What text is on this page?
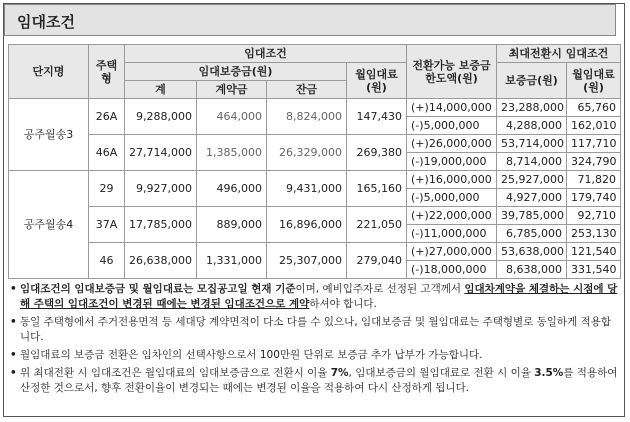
임대조건
단지명	주택형	임대조건				전환가능 보증금 한도액(원)	최대전환시 임대조건	
		임대보증금(원)			월임대료(원)		보증금(원)	월임대료(원)
		계	계약금	잔금				
공주월송3	26A	9,288,000	464,000	8,824,000	147,430	(+)14,000,000	23,288,000	65,760
						(-)5,000,000	4,288,000	162,010
	46A	27,714,000	1,385,000	26,329,000	269,380	(+)26,000,000	53,714,000	117,710
						(-)19,000,000	8,714,000	324,790
공주월송4	29	9,927,000	496,000	9,431,000	165,160	(+)16,000,000	25,927,000	71,820
						(-)5,000,000	4,927,000	179,740
	37A	17,785,000	889,000	16,896,000	221,050	(+)22,000,000	39,785,000	92,710
						(-)11,000,000	6,785,000	253,130
	46	26,638,000	1,331,000	25,307,000	279,040	(+)27,000,000	53,638,000	121,540
						(-)18,000,000	8,638,000	331,540
• 임대조건의 임대보증금 및 월임대료는 모집공고일 현재 기준이며, 예비입주자로 선정된 고객께서 임대차계약을 체결하는 시점에 당해 주택의 임대조건이 변경된 때에는 변경된 임대조건으로 계약하셔야 합니다.
• 동일 주택형에서 주거전용면적 등 세대당 계약면적이 다소 다를 수 있으나, 임대보증금 및 월임대료는 주택형별로 동일하게 적용합니다.
• 월임대료의 보증금 전환은 임차인의 선택사항으로서 100만원 단위로 보증금 추가 납부가 가능합니다.
• 위 최대전환 시 임대조건은 월임대료의 임대보증금으로 전환시 이율 7%, 임대보증금의 월임대료로 전환 시 이율 3.5%를 적용하여 산정한 것으로서, 향후 전환이율이 변경되는 때에는 변경된 이율을 적용하여 다시 산정하게 됩니다.
